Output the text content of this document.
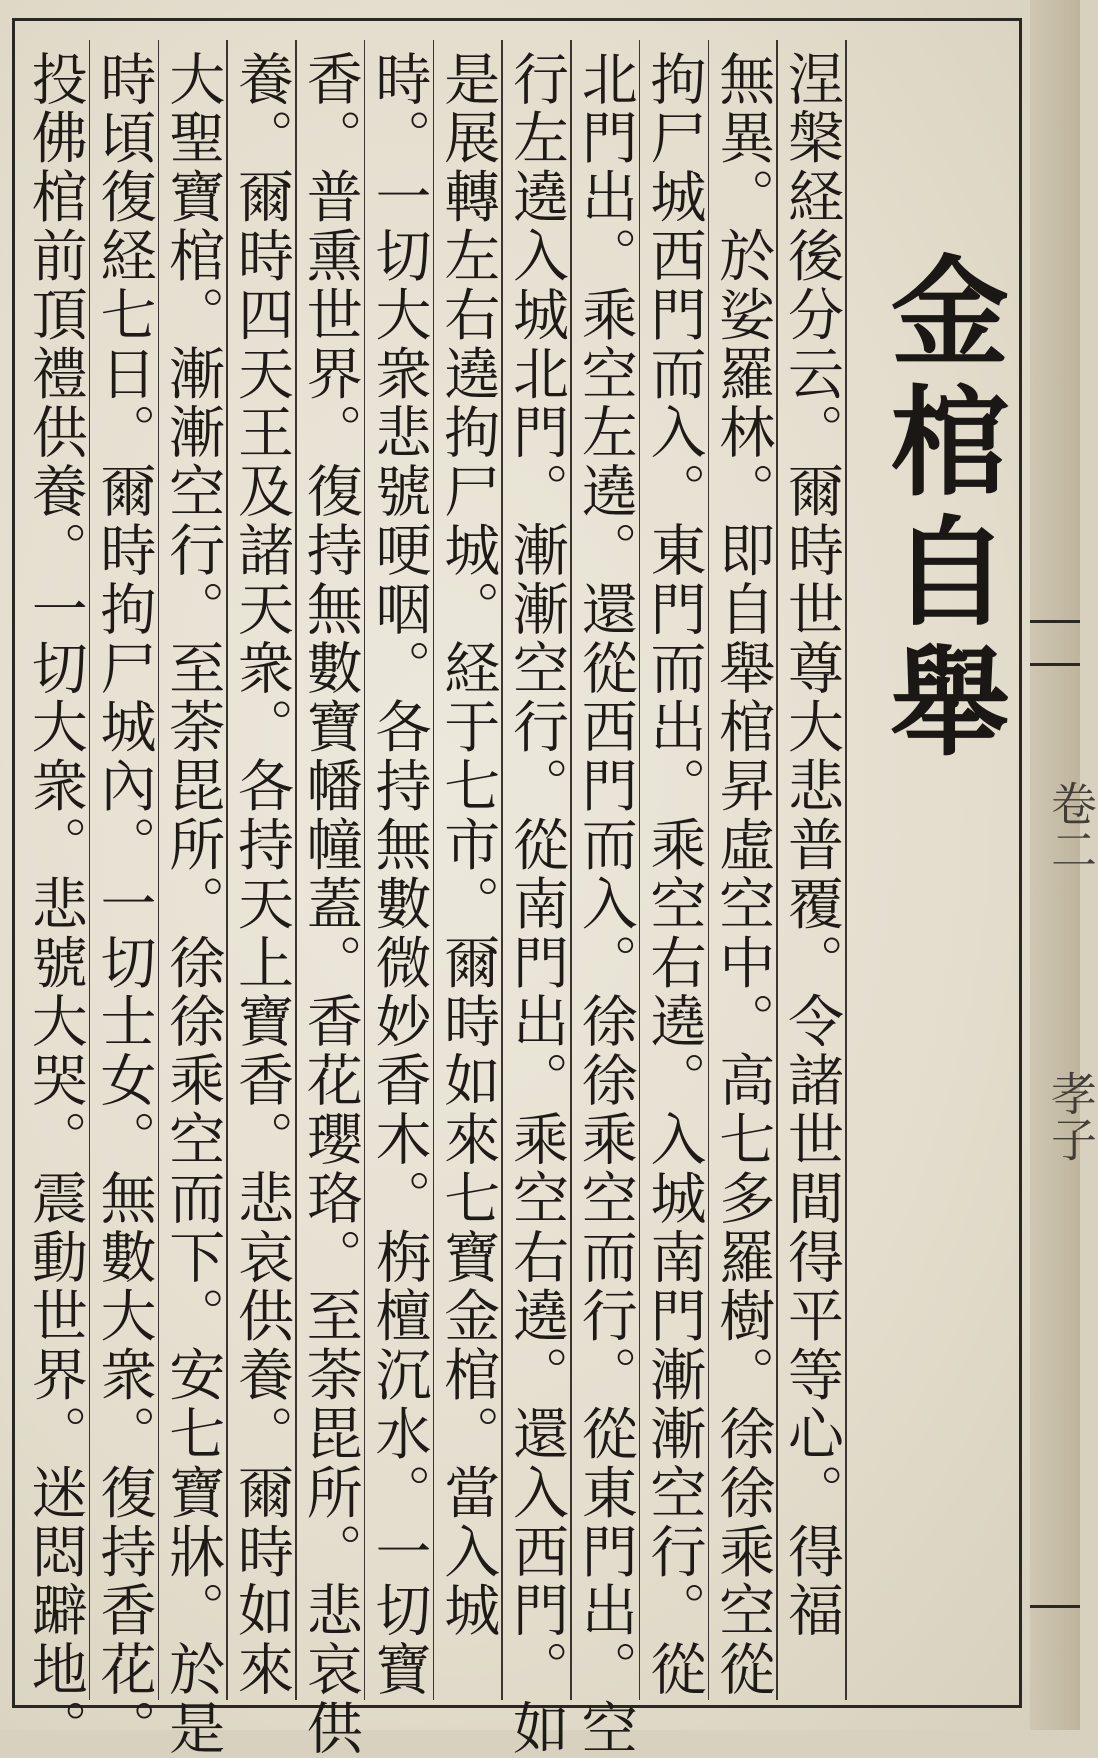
卷二
孝子
金棺自舉
涅槃経後分云。爾時世尊大悲普覆。令諸世間得平等心。得福
無異。於娑羅林。即自舉棺昇虛空中。高七多羅樹。徐徐乘空從
拘尸城西門而入。東門而出。乘空右遶。入城南門漸漸空行。從
北門出。乘空左遶。還從西門而入。徐徐乘空而行。從東門出。空
行左遶入城北門。漸漸空行。從南門出。乘空右遶。還入西門。如
是展轉左右遶拘尸城。経于七市。爾時如來七寶金棺。當入城
時。一切大衆悲號哽咽。各持無數微妙香木。栴檀沉水。一切寶
香。普熏世界。復持無數寶幡幢蓋。香花瓔珞。至荼毘所。悲哀供
養。爾時四天王及諸天衆。各持天上寶香。悲哀供養。爾時如來
大聖寶棺。漸漸空行。至荼毘所。徐徐乘空而下。安七寶牀。於是
時頃復経七日。爾時拘尸城內。一切士女。無數大衆。復持香花。
投佛棺前頂禮供養。一切大衆。悲號大哭。震動世界。迷悶躃地。
